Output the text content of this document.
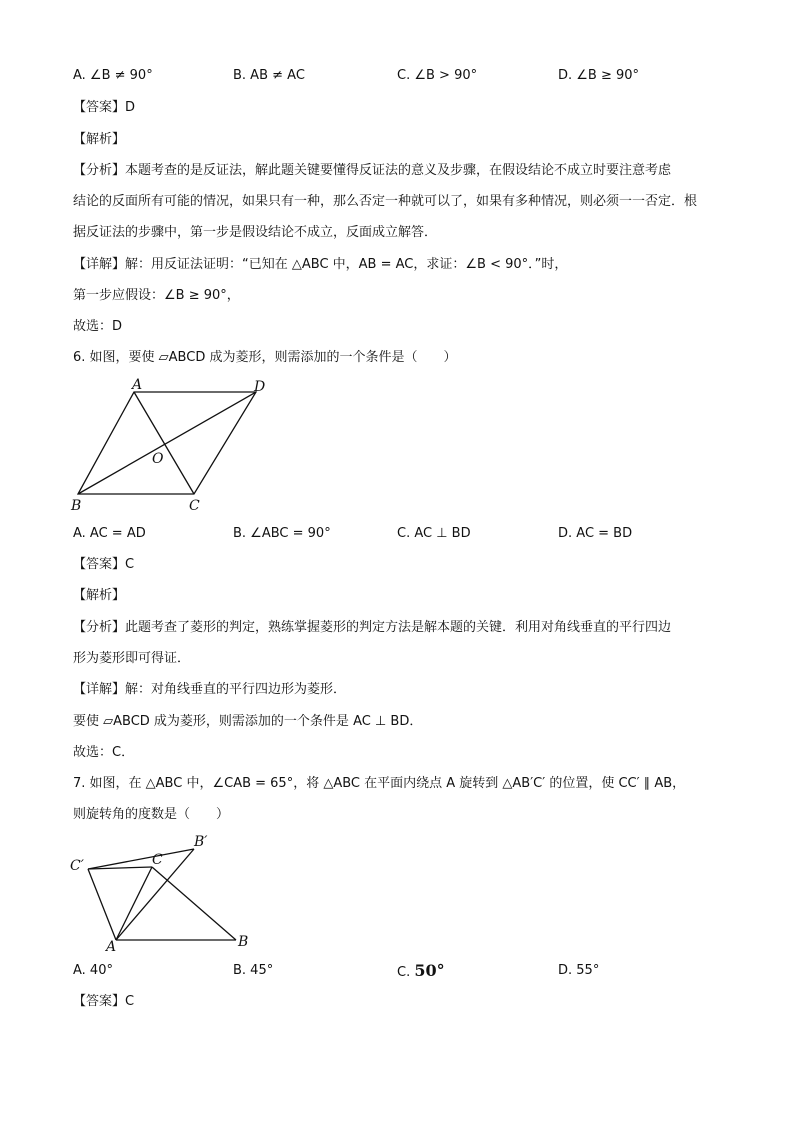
A. ∠B ≠ 90°	B. AB ≠ AC	C. ∠B > 90°	D. ∠B ≥ 90°
【答案】D
【解析】
【分析】本题考查的是反证法，解此题关键要懂得反证法的意义及步骤，在假设结论不成立时要注意考虑
结论的反面所有可能的情况，如果只有一种，那么否定一种就可以了，如果有多种情况，则必须一一否定．根
据反证法的步骤中，第一步是假设结论不成立，反面成立解答．
【详解】解：用反证法证明：“已知在 △ABC 中，AB = AC，求证：∠B < 90°．”时，
第一步应假设：∠B ≥ 90°，
故选：D
6. 如图，要使 ▱ABCD 成为菱形，则需添加的一个条件是（　　）
A	D
O
B	C
A. AC = AD	B. ∠ABC = 90°	C. AC ⊥ BD	D. AC = BD
【答案】C
【解析】
【分析】此题考查了菱形的判定，熟练掌握菱形的判定方法是解本题的关键．利用对角线垂直的平行四边
形为菱形即可得证．
【详解】解：对角线垂直的平行四边形为菱形．
要使 ▱ABCD 成为菱形，则需添加的一个条件是 AC ⊥ BD．
故选：C．
7. 如图，在 △ABC 中，∠CAB = 65°，将 △ABC 在平面内绕点 A 旋转到 △AB′C′ 的位置，使 CC′ ∥ AB，
则旋转角的度数是（　　）
C′	C
B′
A	B
A. 40°	B. 45°	C. 50°	D. 55°
【答案】C
